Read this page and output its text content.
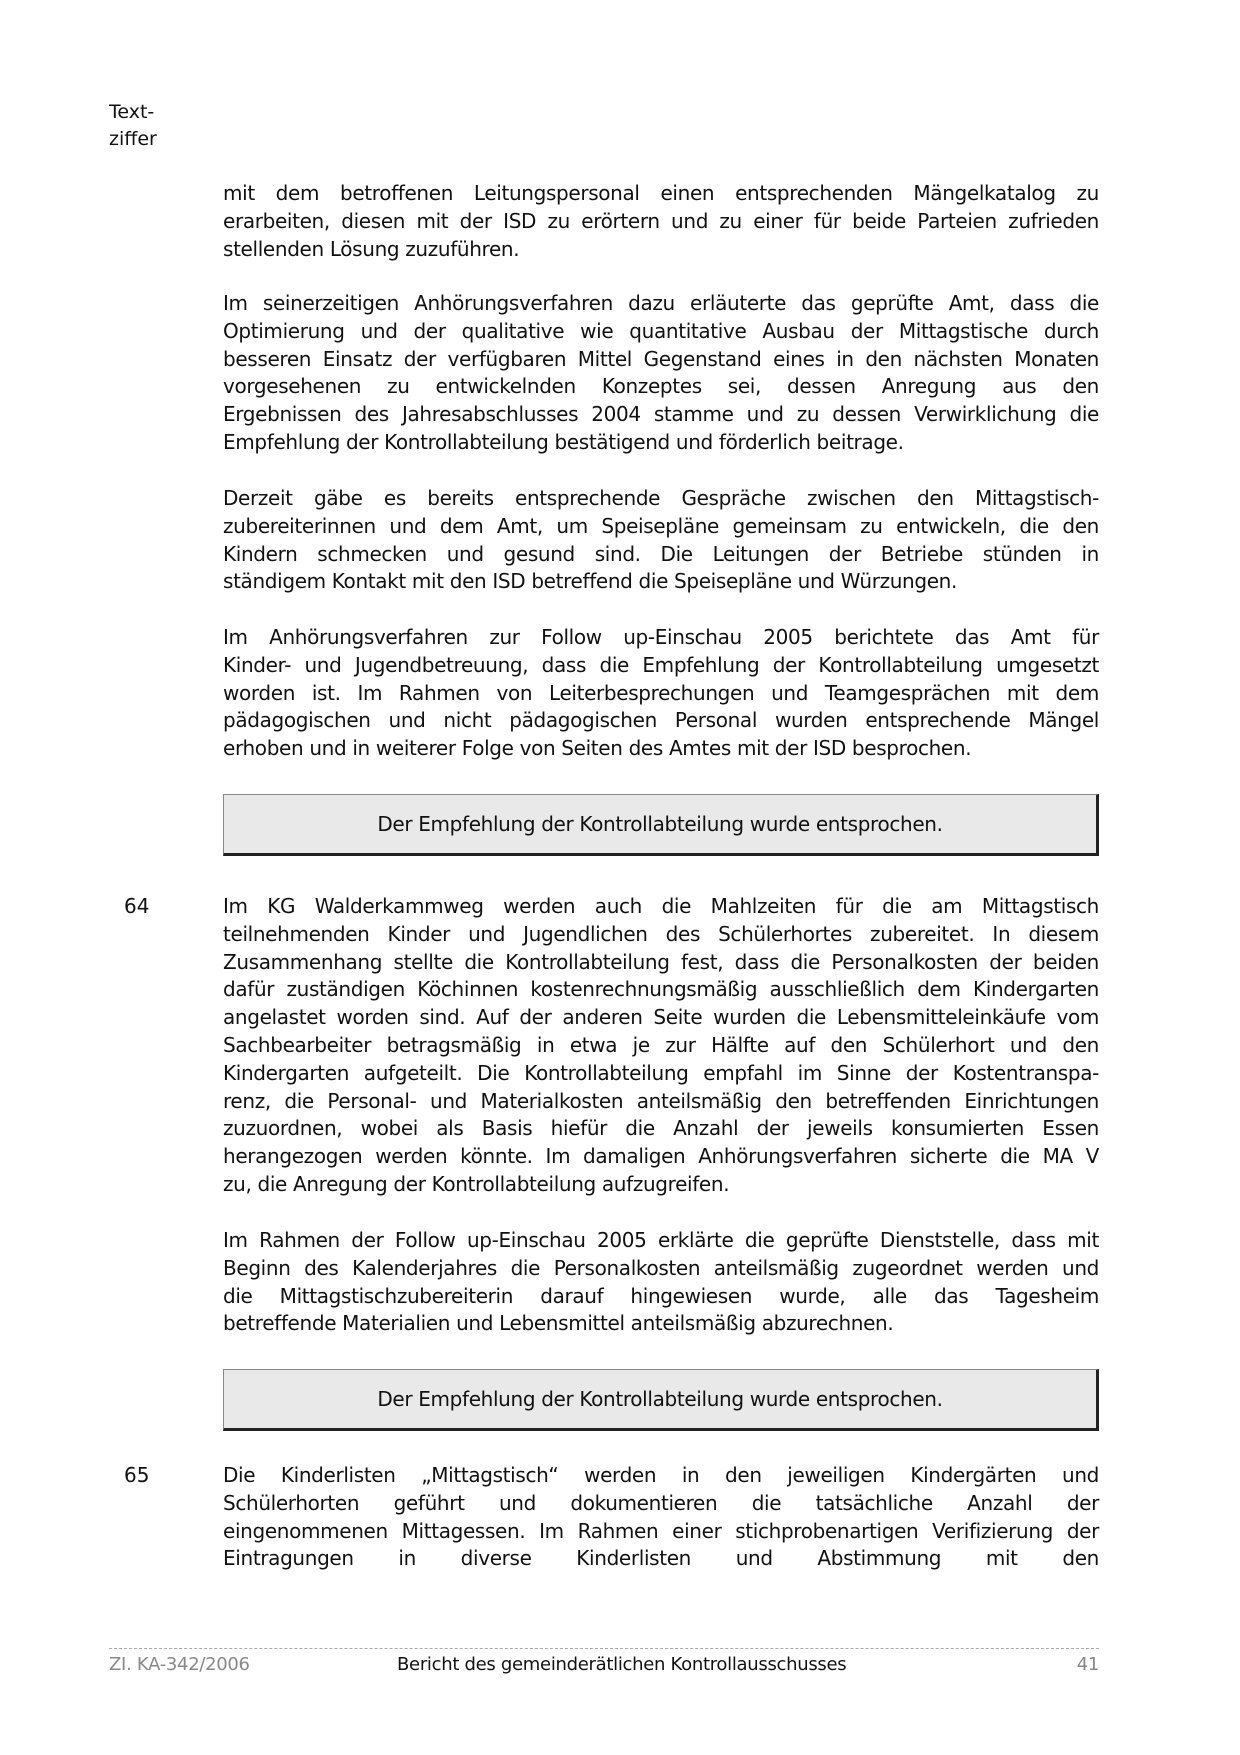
Text-
ziffer
mit dem betroffenen Leitungspersonal einen entsprechenden Mängelkatalog zu
erarbeiten, diesen mit der ISD zu erörtern und zu einer für beide Parteien zufrieden
stellenden Lösung zuzuführen.
Im seinerzeitigen Anhörungsverfahren dazu erläuterte das geprüfte Amt, dass die
Optimierung und der qualitative wie quantitative Ausbau der Mittagstische durch
besseren Einsatz der verfügbaren Mittel Gegenstand eines in den nächsten Monaten
vorgesehenen zu entwickelnden Konzeptes sei, dessen Anregung aus den
Ergebnissen des Jahresabschlusses 2004 stamme und zu dessen Verwirklichung die
Empfehlung der Kontrollabteilung bestätigend und förderlich beitrage.
Derzeit gäbe es bereits entsprechende Gespräche zwischen den Mittagstisch-
zubereiterinnen und dem Amt, um Speisepläne gemeinsam zu entwickeln, die den
Kindern schmecken und gesund sind. Die Leitungen der Betriebe stünden in
ständigem Kontakt mit den ISD betreffend die Speisepläne und Würzungen.
Im Anhörungsverfahren zur Follow up-Einschau 2005 berichtete das Amt für
Kinder- und Jugendbetreuung, dass die Empfehlung der Kontrollabteilung umgesetzt
worden ist. Im Rahmen von Leiterbesprechungen und Teamgesprächen mit dem
pädagogischen und nicht pädagogischen Personal wurden entsprechende Mängel
erhoben und in weiterer Folge von Seiten des Amtes mit der ISD besprochen.
Der Empfehlung der Kontrollabteilung wurde entsprochen.
64	Im KG Walderkammweg werden auch die Mahlzeiten für die am Mittagstisch
teilnehmenden Kinder und Jugendlichen des Schülerhortes zubereitet. In diesem
Zusammenhang stellte die Kontrollabteilung fest, dass die Personalkosten der beiden
dafür zuständigen Köchinnen kostenrechnungsmäßig ausschließlich dem Kindergarten
angelastet worden sind. Auf der anderen Seite wurden die Lebensmitteleinkäufe vom
Sachbearbeiter betragsmäßig in etwa je zur Hälfte auf den Schülerhort und den
Kindergarten aufgeteilt. Die Kontrollabteilung empfahl im Sinne der Kostentranspa-
renz, die Personal- und Materialkosten anteilsmäßig den betreffenden Einrichtungen
zuzuordnen, wobei als Basis hiefür die Anzahl der jeweils konsumierten Essen
herangezogen werden könnte. Im damaligen Anhörungsverfahren sicherte die MA V
zu, die Anregung der Kontrollabteilung aufzugreifen.
Im Rahmen der Follow up-Einschau 2005 erklärte die geprüfte Dienststelle, dass mit
Beginn des Kalenderjahres die Personalkosten anteilsmäßig zugeordnet werden und
die Mittagstischzubereiterin darauf hingewiesen wurde, alle das Tagesheim
betreffende Materialien und Lebensmittel anteilsmäßig abzurechnen.
Der Empfehlung der Kontrollabteilung wurde entsprochen.
65	Die Kinderlisten „Mittagstisch“ werden in den jeweiligen Kindergärten und
Schülerhorten geführt und dokumentieren die tatsächliche Anzahl der
eingenommenen Mittagessen. Im Rahmen einer stichprobenartigen Verifizierung der
Eintragungen in diverse Kinderlisten und Abstimmung mit den
ZI. KA-342/2006	Bericht des gemeinderätlichen Kontrollausschusses	41
